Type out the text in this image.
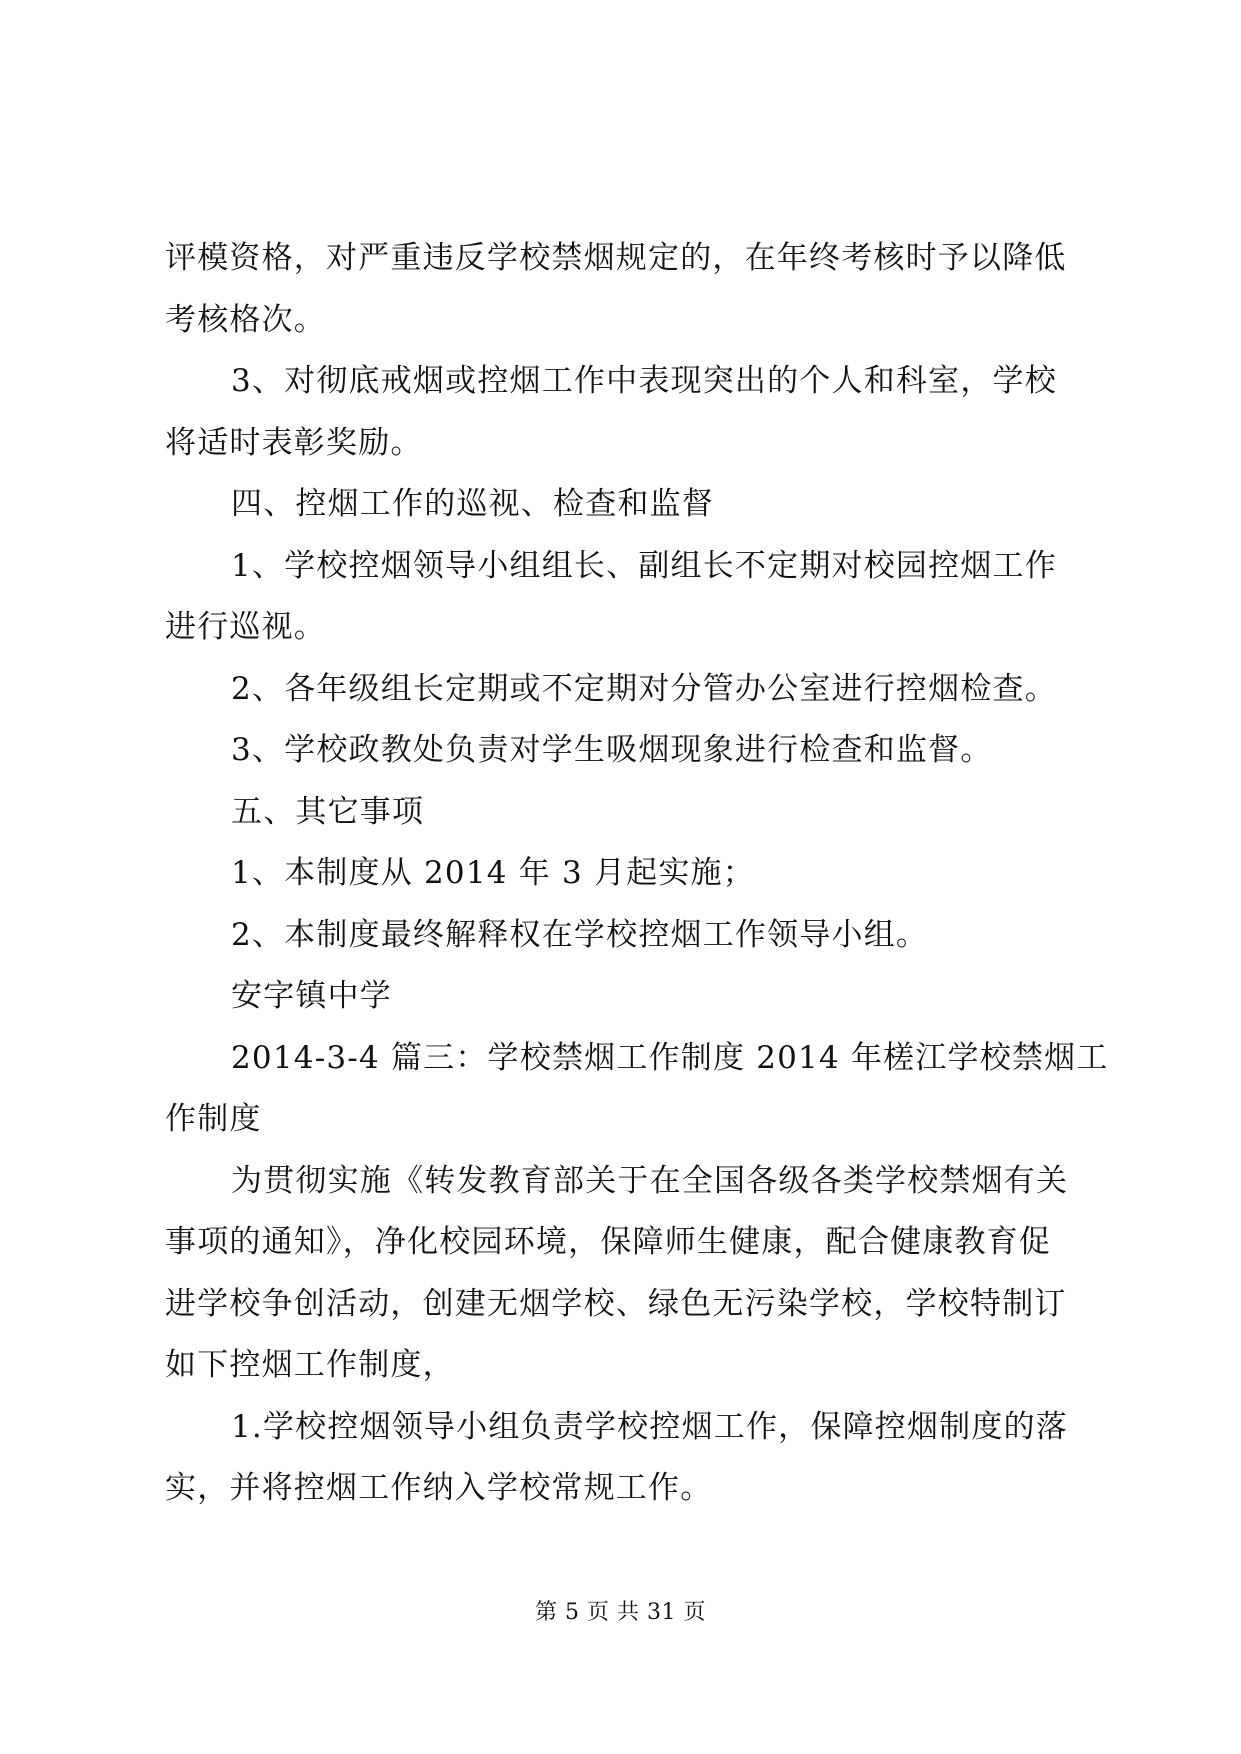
评模资格，对严重违反学校禁烟规定的，在年终考核时予以降低
考核格次。
3、对彻底戒烟或控烟工作中表现突出的个人和科室，学校
将适时表彰奖励。
四、控烟工作的巡视、检查和监督
1、学校控烟领导小组组长、副组长不定期对校园控烟工作
进行巡视。
2、各年级组长定期或不定期对分管办公室进行控烟检查。
3、学校政教处负责对学生吸烟现象进行检查和监督。
五、其它事项
1、本制度从 2014 年 3 月起实施；
2、本制度最终解释权在学校控烟工作领导小组。
安字镇中学
2014-3-4 篇三：学校禁烟工作制度 2014 年槎江学校禁烟工
作制度
为贯彻实施《转发教育部关于在全国各级各类学校禁烟有关
事项的通知》，净化校园环境，保障师生健康，配合健康教育促
进学校争创活动，创建无烟学校、绿色无污染学校，学校特制订
如下控烟工作制度，
1.学校控烟领导小组负责学校控烟工作，保障控烟制度的落
实，并将控烟工作纳入学校常规工作。
第 5 页 共 31 页
